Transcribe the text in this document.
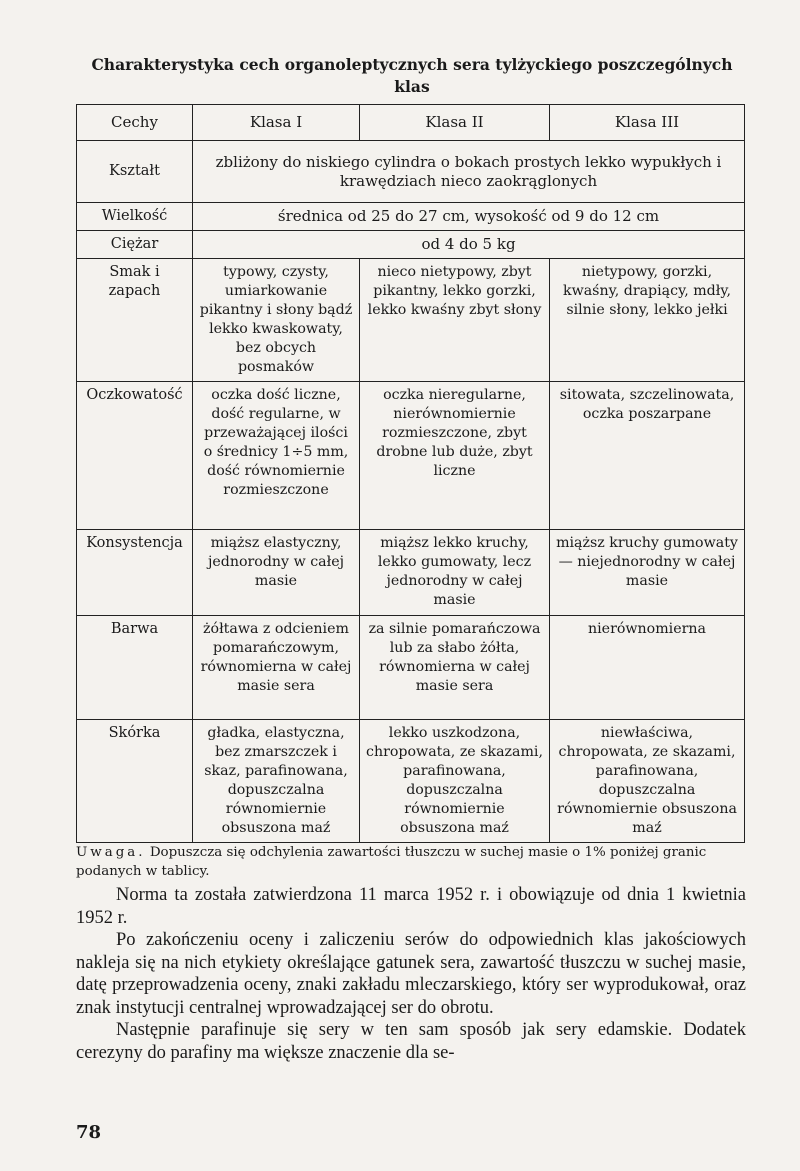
Charakterystyka cech organoleptycznych sera tylżyckiego poszczególnych klas
Cechy	Klasa I	Klasa II	Klasa III
Kształt	zbliżony do niskiego cylindra o bokach prostych lekko wypukłych i krawędziach nieco zaokrąglonych		
Wielkość	średnica od 25 do 27 cm, wysokość od 9 do 12 cm		
Ciężar	od 4 do 5 kg		
Smak i zapach	typowy, czysty, umiarkowanie pikantny i słony bądź lekko kwaskowaty, bez obcych posmaków	nieco nietypowy, zbyt pikantny, lekko gorzki, lekko kwaśny zbyt słony	nietypowy, gorzki, kwaśny, drapiący, mdły, silnie słony, lekko jełki
Oczkowatość	oczka dość liczne, dość regularne, w przeważającej ilości o średnicy 1÷5 mm, dość równomiernie rozmieszczone	oczka nieregularne, nierównomiernie rozmieszczone, zbyt drobne lub duże, zbyt liczne	sitowata, szczelinowata, oczka poszarpane
Konsystencja	miąższ elastyczny, jednorodny w całej masie	miąższ lekko kruchy, lekko gumowaty, lecz jednorodny w całej masie	miąższ kruchy gumowaty — niejednorodny w całej masie
Barwa	żółtawa z odcieniem pomarańczowym, równomierna w całej masie sera	za silnie pomarańczowa lub za słabo żółta, równomierna w całej masie sera	nierównomierna
Skórka	gładka, elastyczna, bez zmarszczek i skaz, parafinowana, dopuszczalna równomiernie obsuszona maź	lekko uszkodzona, chropowata, ze skazami, parafinowana, dopuszczalna równomiernie obsuszona maź	niewłaściwa, chropowata, ze skazami, parafinowana, dopuszczalna równomiernie obsuszona maź
Uwaga. Dopuszcza się odchylenia zawartości tłuszczu w suchej masie o 1% poniżej granic podanych w tablicy.

Norma ta została zatwierdzona 11 marca 1952 r. i obowiązuje od dnia 1 kwietnia 1952 r.

Po zakończeniu oceny i zaliczeniu serów do odpowiednich klas jakościowych nakleja się na nich etykiety określające gatunek sera, zawartość tłuszczu w suchej masie, datę przeprowadzenia oceny, znaki zakładu mleczarskiego, który ser wyprodukował, oraz znak instytucji centralnej wprowadzającej ser do obrotu.

Następnie parafinuje się sery w ten sam sposób jak sery edamskie. Dodatek cerezyny do parafiny ma większe znaczenie dla se-

78
